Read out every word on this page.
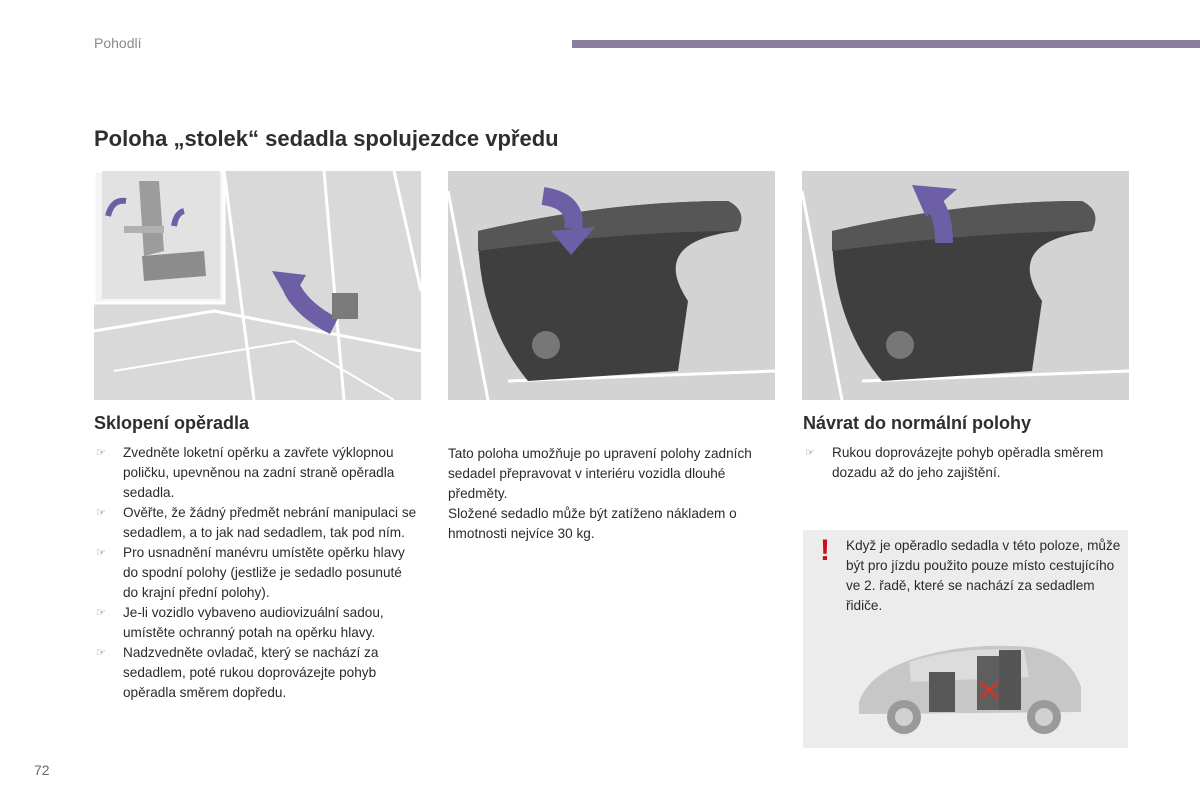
Pohodlí
Poloha „stolek“ sedadla spolujezdce vpředu
Sklopení opěradla
☞ Zvedněte loketní opěrku a zavřete výklopnou poličku, upevněnou na zadní straně opěradla sedadla.
☞ Ověřte, že žádný předmět nebrání manipulaci se sedadlem, a to jak nad sedadlem, tak pod ním.
☞ Pro usnadnění manévru umístěte opěrku hlavy do spodní polohy (jestliže je sedadlo posunuté do krajní přední polohy).
☞ Je-li vozidlo vybaveno audiovizuální sadou, umístěte ochranný potah na opěrku hlavy.
☞ Nadzvedněte ovladač, který se nachází za sedadlem, poté rukou doprovázejte pohyb opěradla směrem dopředu.

Tato poloha umožňuje po upravení polohy zadních sedadel přepravovat v interiéru vozidla dlouhé předměty.

Složené sedadlo může být zatíženo nákladem o hmotnosti nejvíce 30 kg.

Návrat do normální polohy
☞ Rukou doprovázejte pohyb opěradla směrem dozadu až do jeho zajištění.
! Když je opěradlo sedadla v této poloze, může být pro jízdu použito pouze místo cestujícího ve 2. řadě, které se nachází za sedadlem řidiče.

72
